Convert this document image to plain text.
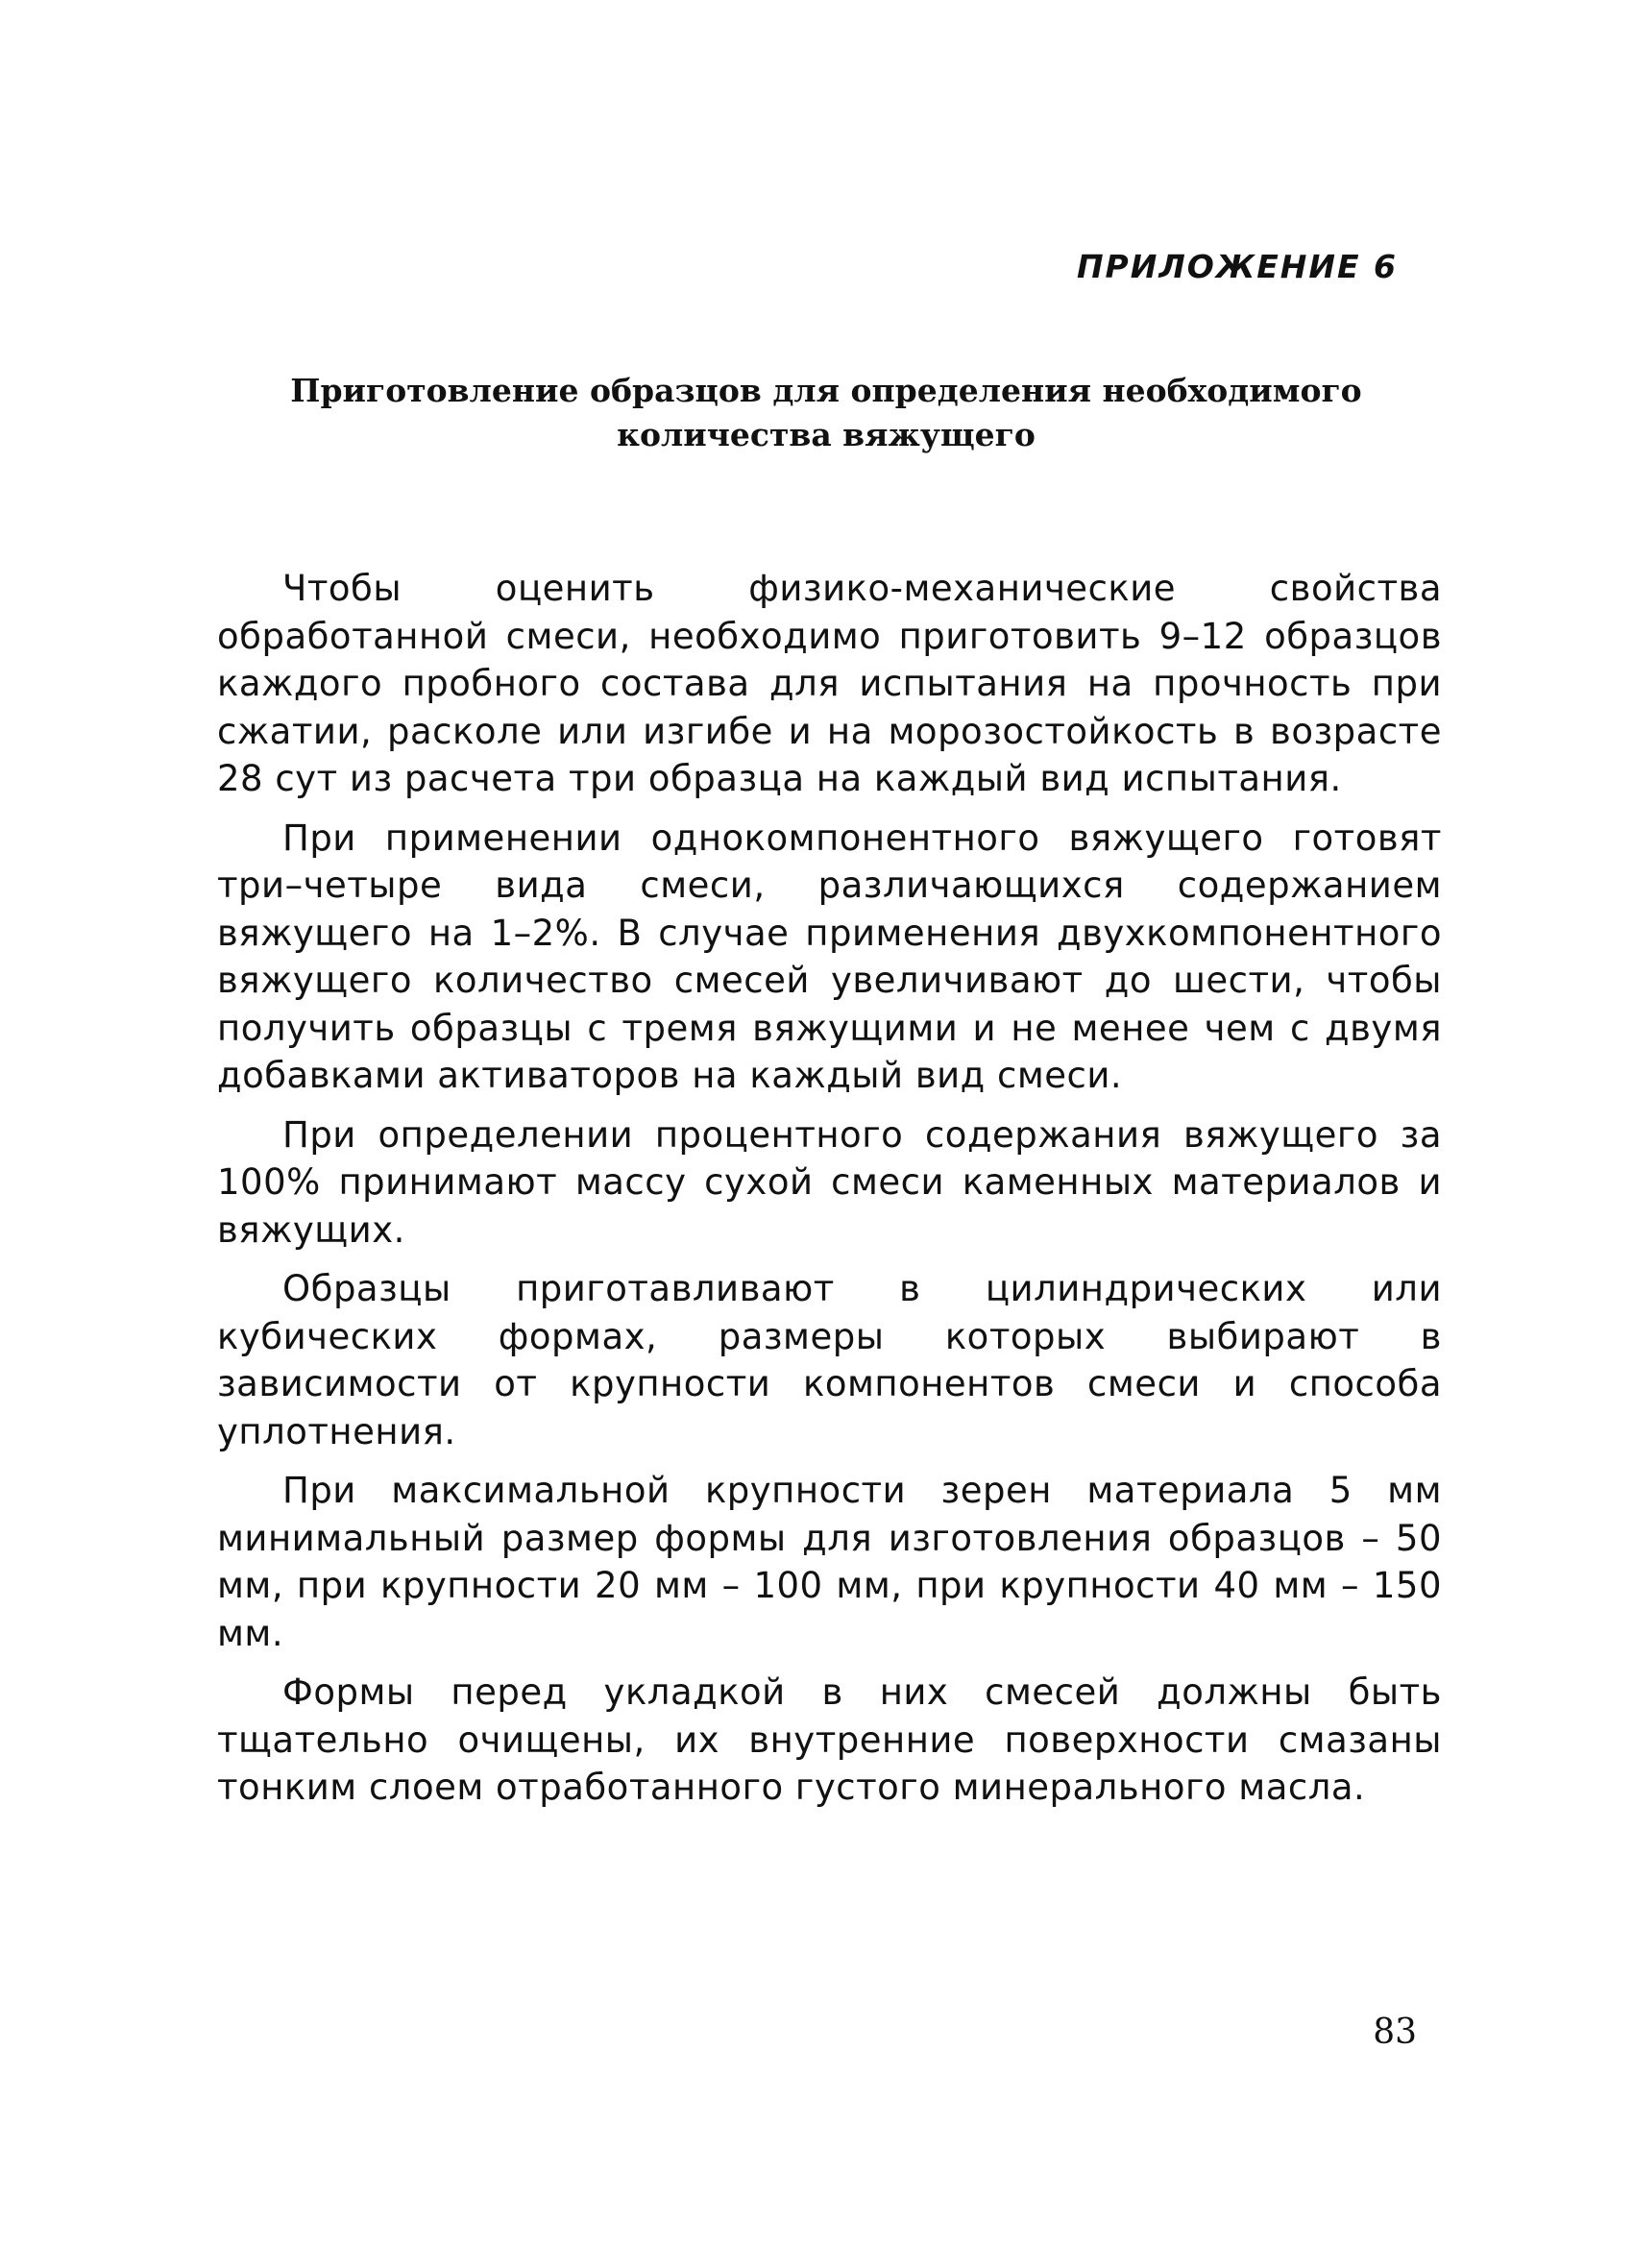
ПРИЛОЖЕНИЕ 6

Приготовление образцов для определения необходимого
количества вяжущего

Чтобы оценить физико-механические свойства обработанной смеси, необходимо приготовить 9–12 образцов каждого пробного состава для испытания на прочность при сжатии, расколе или изгибе и на морозостойкость в возрасте 28 сут из расчета три образца на каждый вид испытания.

При применении однокомпонентного вяжущего готовят три–четыре вида смеси, различающихся содержанием вяжущего на 1–2%. В случае применения двухкомпонентного вяжущего количество смесей увеличивают до шести, чтобы получить образцы с тремя вяжущими и не менее чем с двумя добавками активаторов на каждый вид смеси.

При определении процентного содержания вяжущего за 100% принимают массу сухой смеси каменных материалов и вяжущих.

Образцы приготавливают в цилиндрических или кубических формах, размеры которых выбирают в зависимости от крупности компонентов смеси и способа уплотнения.

При максимальной крупности зерен материала 5 мм минимальный размер формы для изготовления образцов – 50 мм, при крупности 20 мм – 100 мм, при крупности 40 мм – 150 мм.

Формы перед укладкой в них смесей должны быть тщательно очищены, их внутренние поверхности смазаны тонким слоем отработанного густого минерального масла.

83
